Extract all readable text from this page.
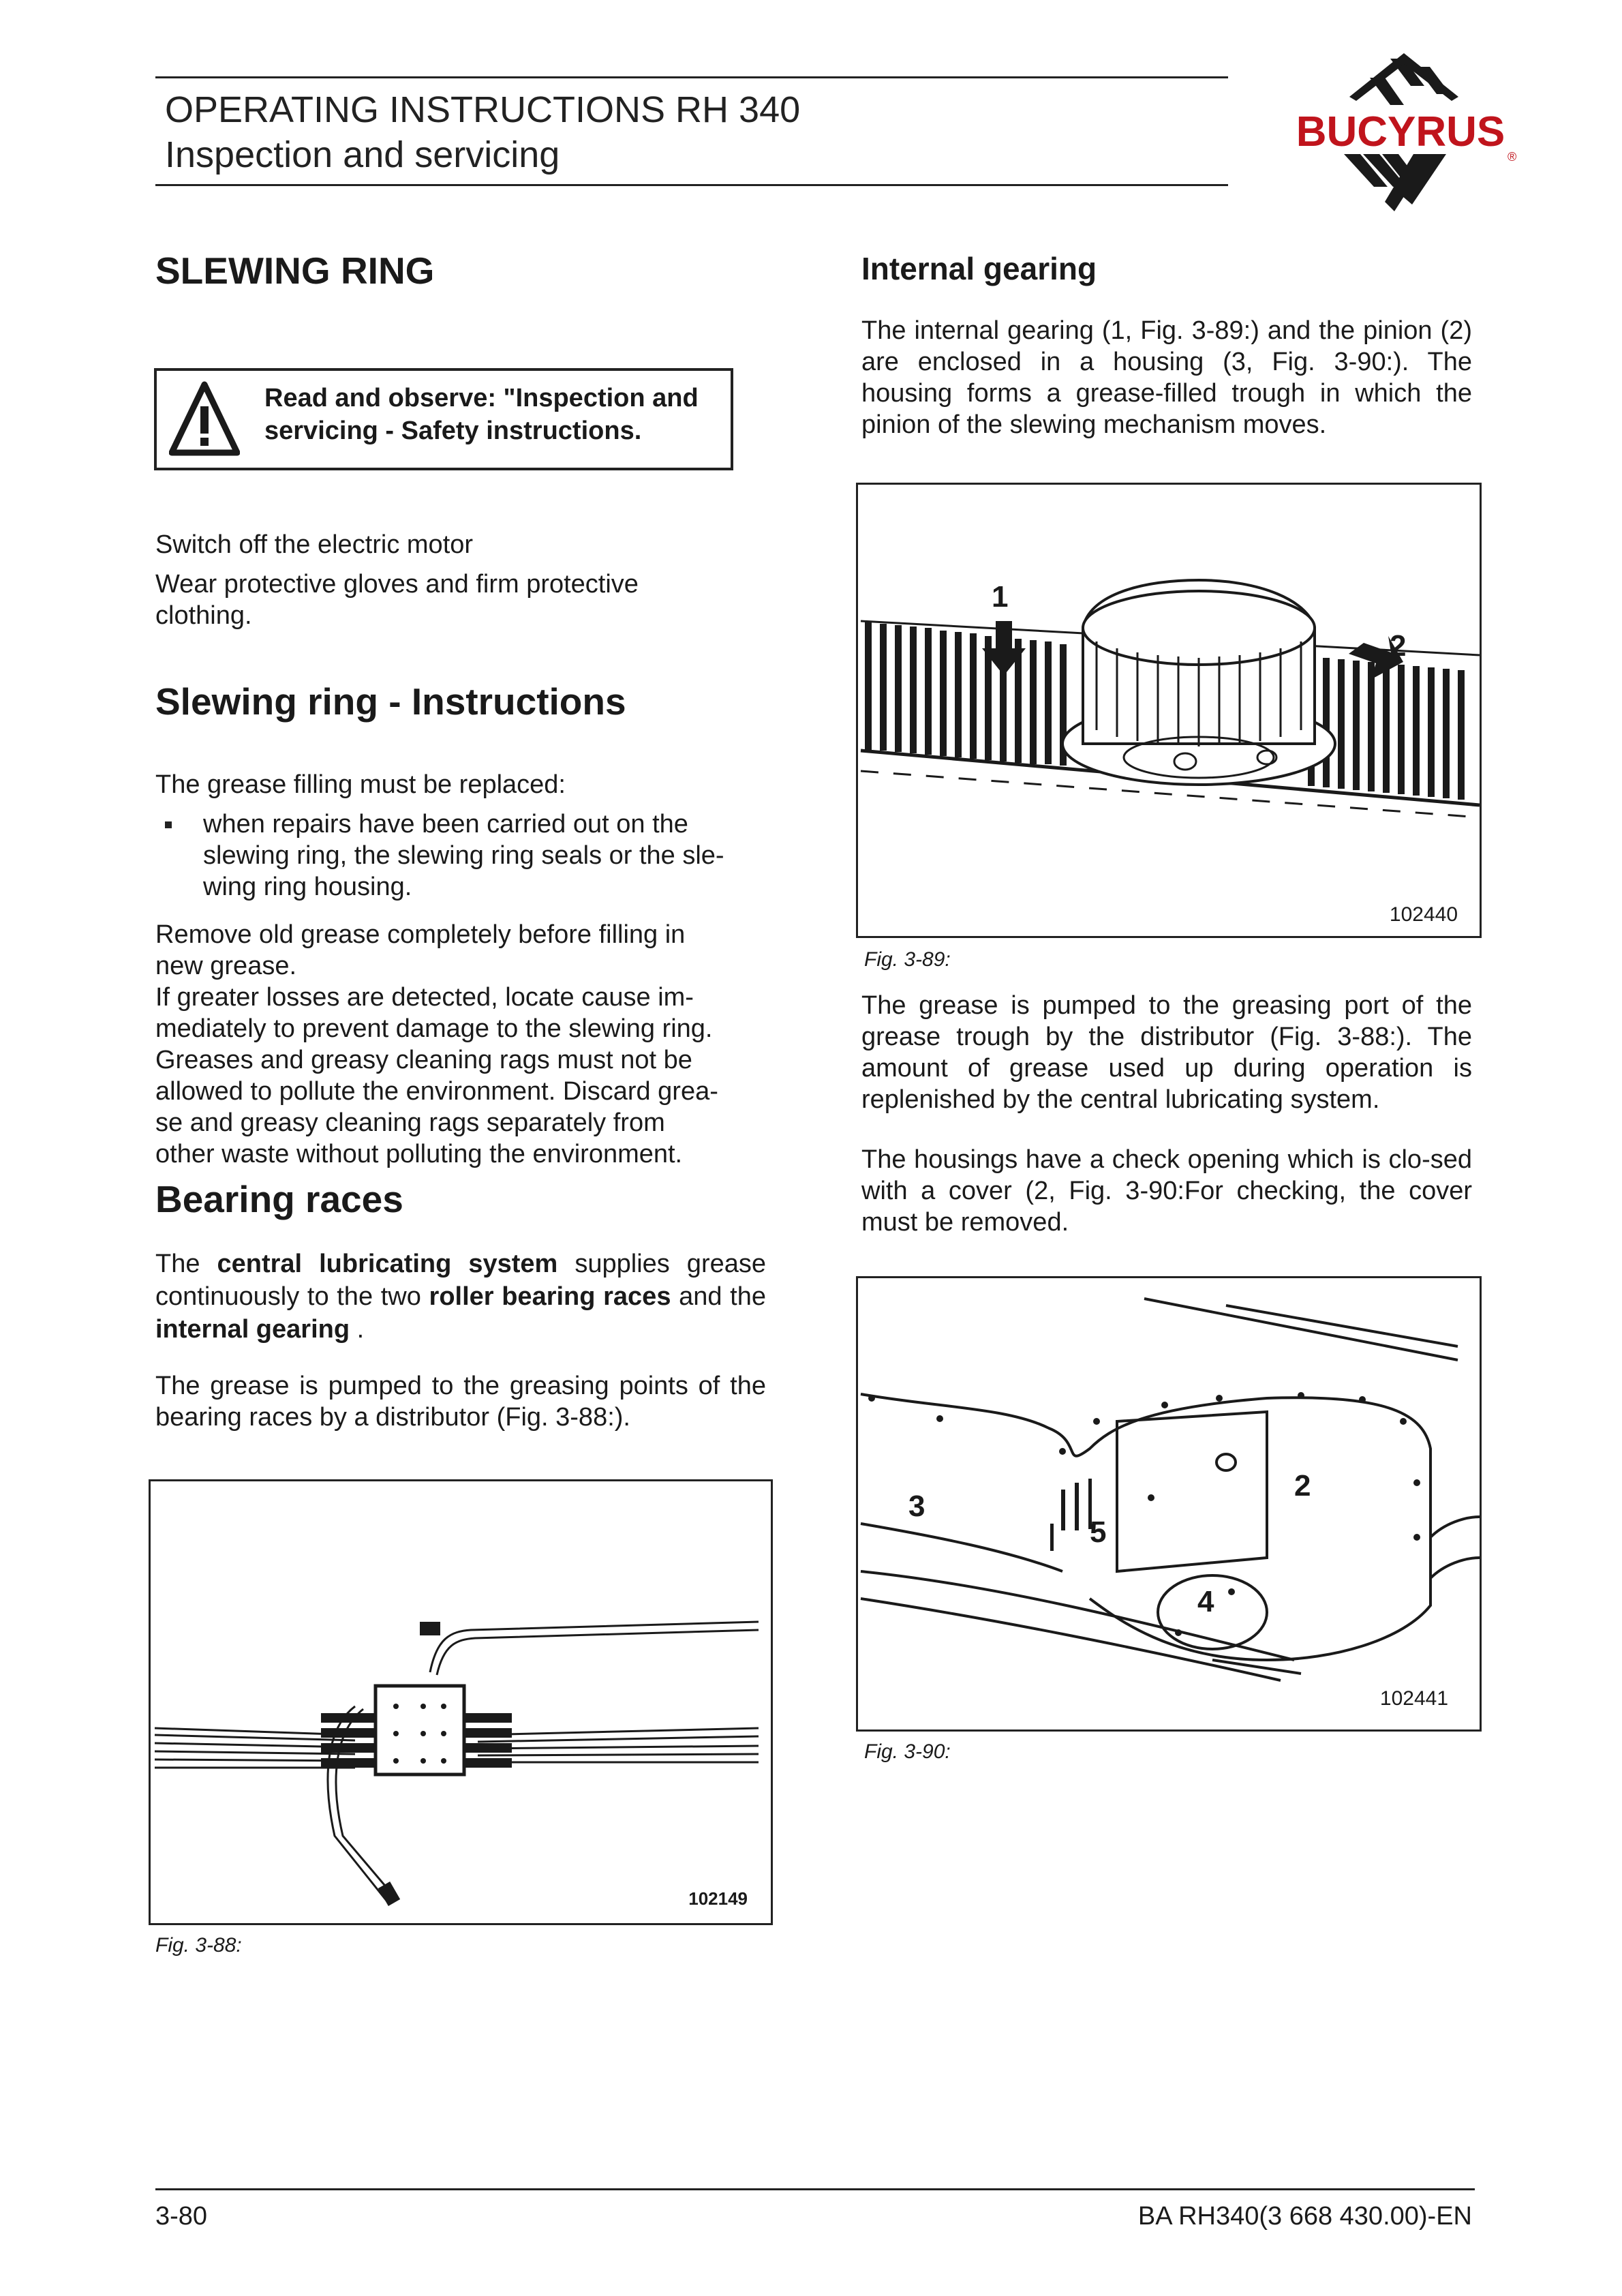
OPERATING INSTRUCTIONS RH 340
Inspection and servicing	BUCYRUS
®
SLEWING RING
Read and observe: "Inspection and
servicing - Safety instructions.
Switch off the electric motor
Wear protective gloves and firm protective
clothing.
Slewing ring - Instructions
The grease filling must be replaced:
when repairs have been carried out on the
slewing ring, the slewing ring seals or the sle-
wing ring housing.
Remove old grease completely before filling in
new grease.
If greater losses are detected, locate cause im-
mediately to prevent damage to the slewing ring.
Greases and greasy cleaning rags must not be
allowed to pollute the environment. Discard grea-
se and greasy cleaning rags separately from
other waste without polluting the environment.
Bearing races
The central lubricating system supplies grease continuously to the two roller bearing races and the internal gearing .
The grease is pumped to the greasing points of the bearing races by a distributor (Fig. 3-88:).
102149
Fig. 3-88:
Internal gearing
The internal gearing (1, Fig. 3-89:) and the pinion (2) are enclosed in a housing (3, Fig. 3-90:). The housing forms a grease-filled trough in which the pinion of the slewing mechanism moves.
1
2
102440
Fig. 3-89:
The grease is pumped to the greasing port of the grease trough by the distributor (Fig. 3-88:). The amount of grease used up during operation is replenished by the central lubricating system.
The housings have a check opening which is clo-sed with a cover (2, Fig. 3-90:For checking, the cover must be removed.
3
2
5
4
102441
Fig. 3-90:
3-80	BA RH340(3 668 430.00)-EN
